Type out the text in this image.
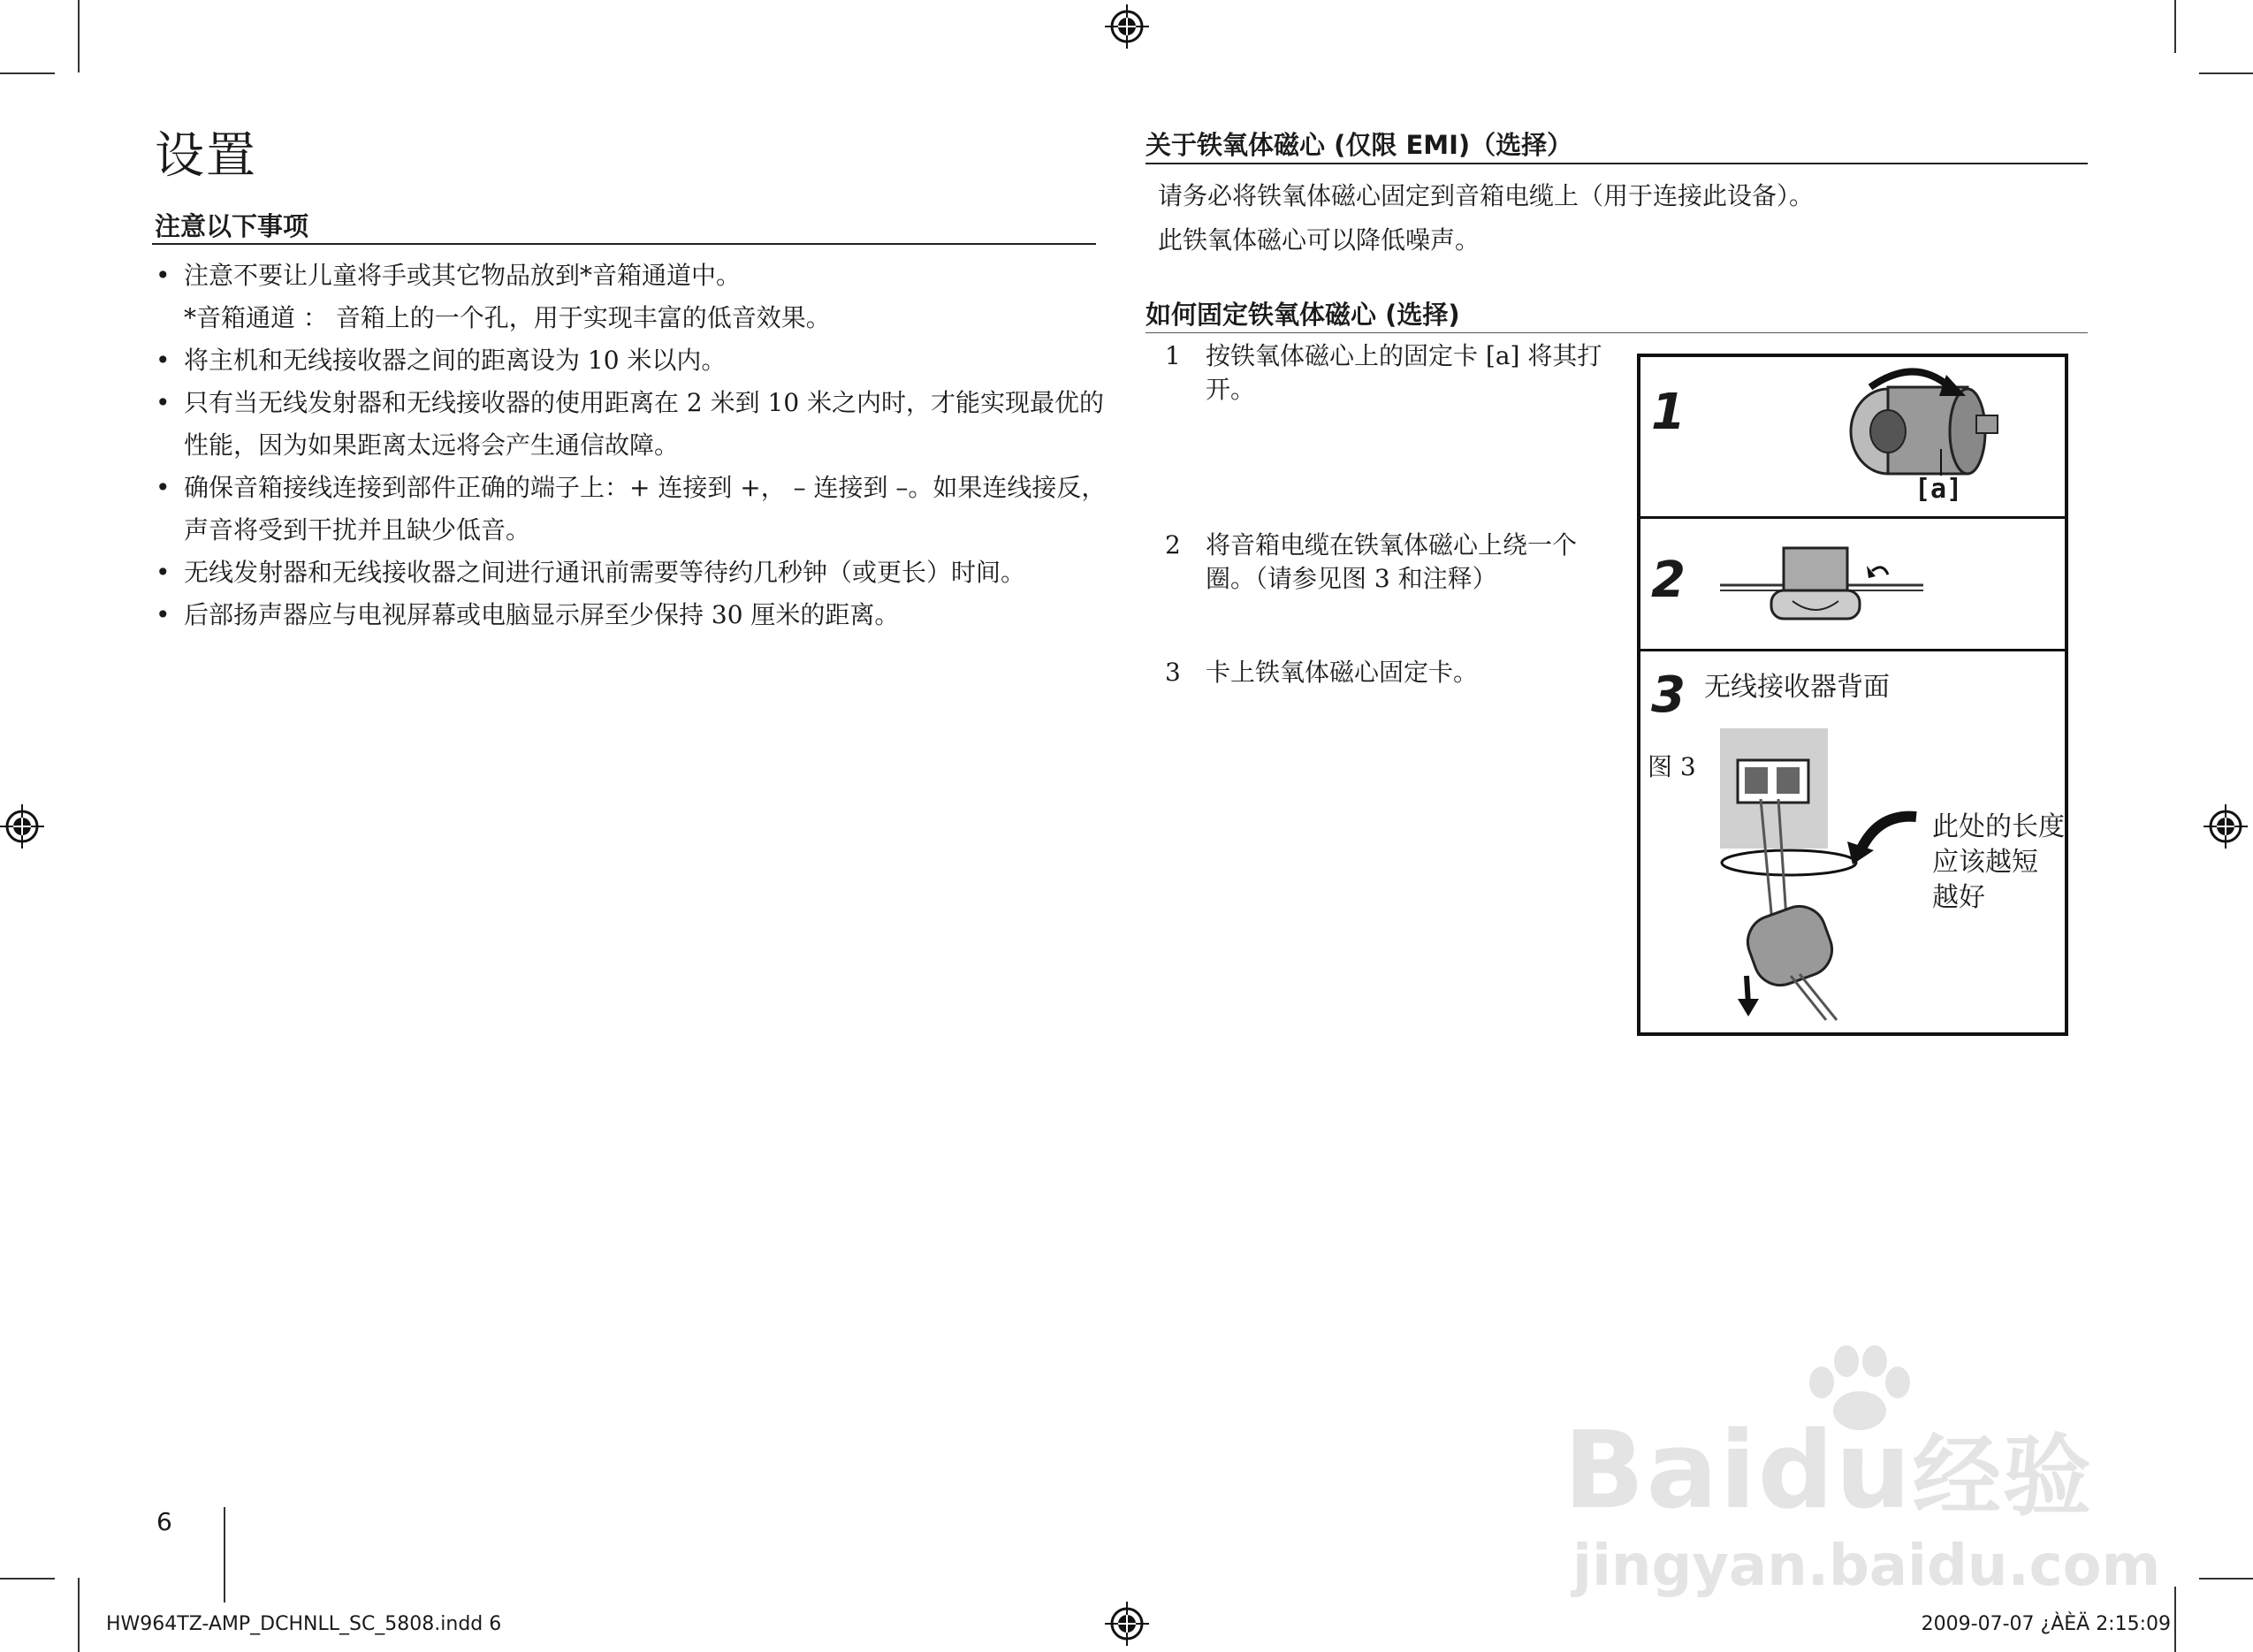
设置
注意以下事项
• 注意不要让儿童将手或其它物品放到*音箱通道中。
*音箱通道 ： 音箱上的一个孔，用于实现丰富的低音效果。
• 将主机和无线接收器之间的距离设为 10 米以内。
• 只有当无线发射器和无线接收器的使用距离在 2 米到 10 米之内时，才能实现最优的性能，因为如果距离太远将会产生通信故障。
• 确保音箱接线连接到部件正确的端子上：+ 连接到 +， – 连接到 –。如果连线接反，声音将受到干扰并且缺少低音。
• 无线发射器和无线接收器之间进行通讯前需要等待约几秒钟（或更长）时间。
• 后部扬声器应与电视屏幕或电脑显示屏至少保持 30 厘米的距离。
关于铁氧体磁心 (仅限 EMI)（选择）
请务必将铁氧体磁心固定到音箱电缆上（用于连接此设备）。
此铁氧体磁心可以降低噪声。
如何固定铁氧体磁心 (选择)
1 按铁氧体磁心上的固定卡 [a] 将其打开。
2 将音箱电缆在铁氧体磁心上绕一个圈。（请参见图 3 和注释）
3 卡上铁氧体磁心固定卡。
1
[a]
2
3 无线接收器背面
图 3
此处的长度
应该越短
越好
6
HW964TZ-AMP_DCHNLL_SC_5808.indd 6	2009-07-07 ¿ÀÈÄ 2:15:09
Baidu经验
jingyan.baidu.com
